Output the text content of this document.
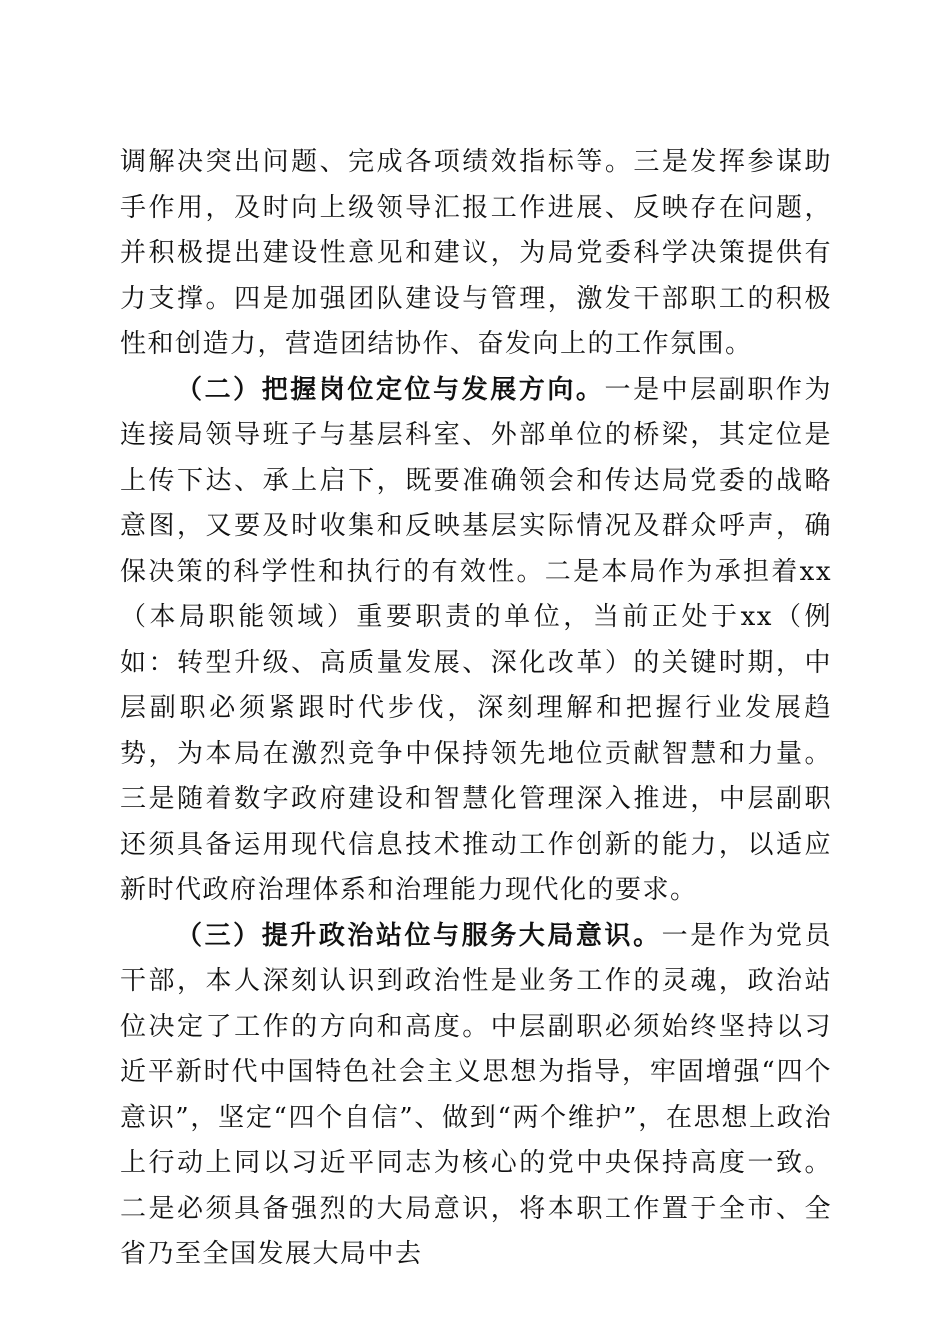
调解决突出问题、完成各项绩效指标等。三是发挥参谋助手作用，及时向上级领导汇报工作进展、反映存在问题，并积极提出建设性意见和建议，为局党委科学决策提供有力支撑。四是加强团队建设与管理，激发干部职工的积极性和创造力，营造团结协作、奋发向上的工作氛围。

（二）把握岗位定位与发展方向。一是中层副职作为连接局领导班子与基层科室、外部单位的桥梁，其定位是上传下达、承上启下，既要准确领会和传达局党委的战略意图，又要及时收集和反映基层实际情况及群众呼声，确保决策的科学性和执行的有效性。二是本局作为承担着xx（本局职能领域）重要职责的单位，当前正处于xx（例如：转型升级、高质量发展、深化改革）的关键时期，中层副职必须紧跟时代步伐，深刻理解和把握行业发展趋势，为本局在激烈竞争中保持领先地位贡献智慧和力量。三是随着数字政府建设和智慧化管理深入推进，中层副职还须具备运用现代信息技术推动工作创新的能力，以适应新时代政府治理体系和治理能力现代化的要求。

（三）提升政治站位与服务大局意识。一是作为党员干部，本人深刻认识到政治性是业务工作的灵魂，政治站位决定了工作的方向和高度。中层副职必须始终坚持以习近平新时代中国特色社会主义思想为指导，牢固增强“四个意识”，坚定“四个自信”、做到“两个维护”，在思想上政治上行动上同以习近平同志为核心的党中央保持高度一致。二是必须具备强烈的大局意识，将本职工作置于全市、全省乃至全国发展大局中去
